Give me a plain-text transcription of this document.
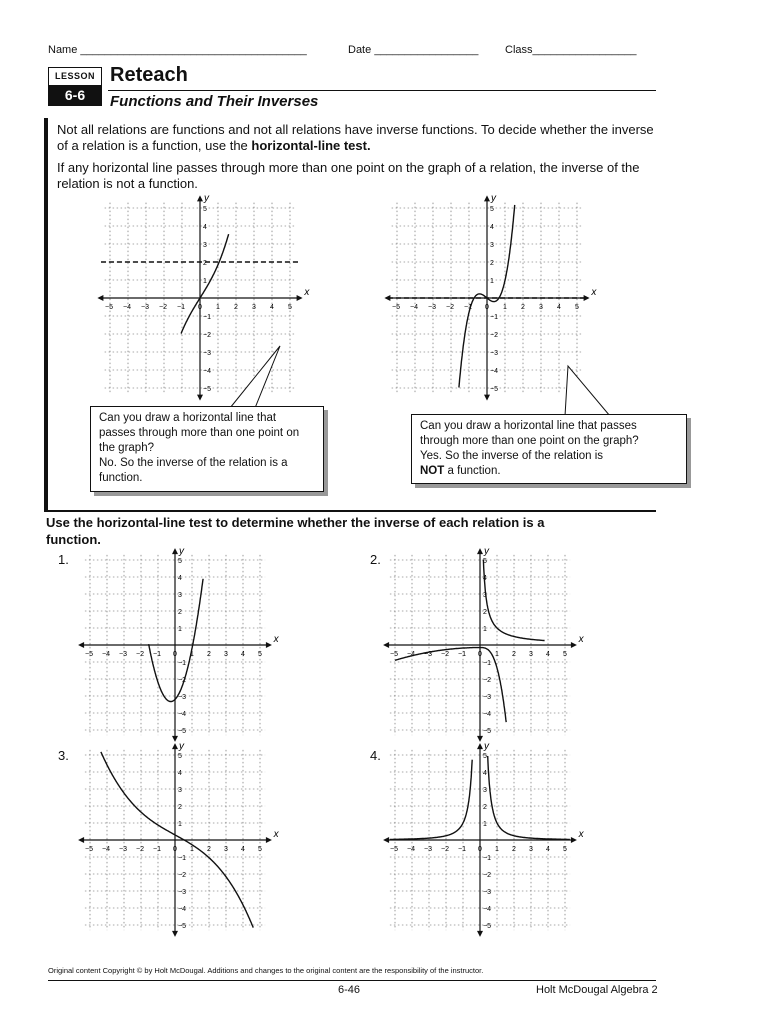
Name _____________________________________	Date _________________ Class_________________
LESSON
6-6
Reteach
Functions and Their Inverses
Not all relations are functions and not all relations have inverse functions. To decide whether the inverse of a relation is a function, use the horizontal-line test.
If any horizontal line passes through more than one point on the graph of a relation, the inverse of the relation is not a function.
x
y
−5 −4 −3 −2 −1 0 1 2 3 4 5
5
4
3
2
1
−1
−2
−3
−4
−5
x
y
−5 −4 −3 −2 −1 0 1 2 3 4 5
5
4
3
2
1
−1
−2
−3
−4
−5
Can you draw a horizontal line that passes through more than one point on the graph?
No. So the inverse of the relation is a function.
Can you draw a horizontal line that passes through more than one point on the graph?
Yes. So the inverse of the relation is
NOT a function.
Use the horizontal-line test to determine whether the inverse of each relation is a function.
1.	2.
3.	4.
x
y
−5 −4 −3 −2 −1 0 1 2 3 4 5
5
4
3
2
1
−1
−2
−3
−4
−5
x
y
−5 −4 −3 −2 −1 0 1 2 3 4 5
5
4
3
2
1
−1
−2
−3
−4
−5
x
y
−5 −4 −3 −2 −1 0 1 2 3 4 5
5
4
3
2
1
−1
−2
−3
−4
−5
x
y
−5 −4 −3 −2 −1 0 1 2 3 4 5
5
4
3
2
1
−1
−2
−3
−4
−5
Original content Copyright © by Holt McDougal. Additions and changes to the original content are the responsibility of the instructor.
6-46	Holt McDougal Algebra 2
